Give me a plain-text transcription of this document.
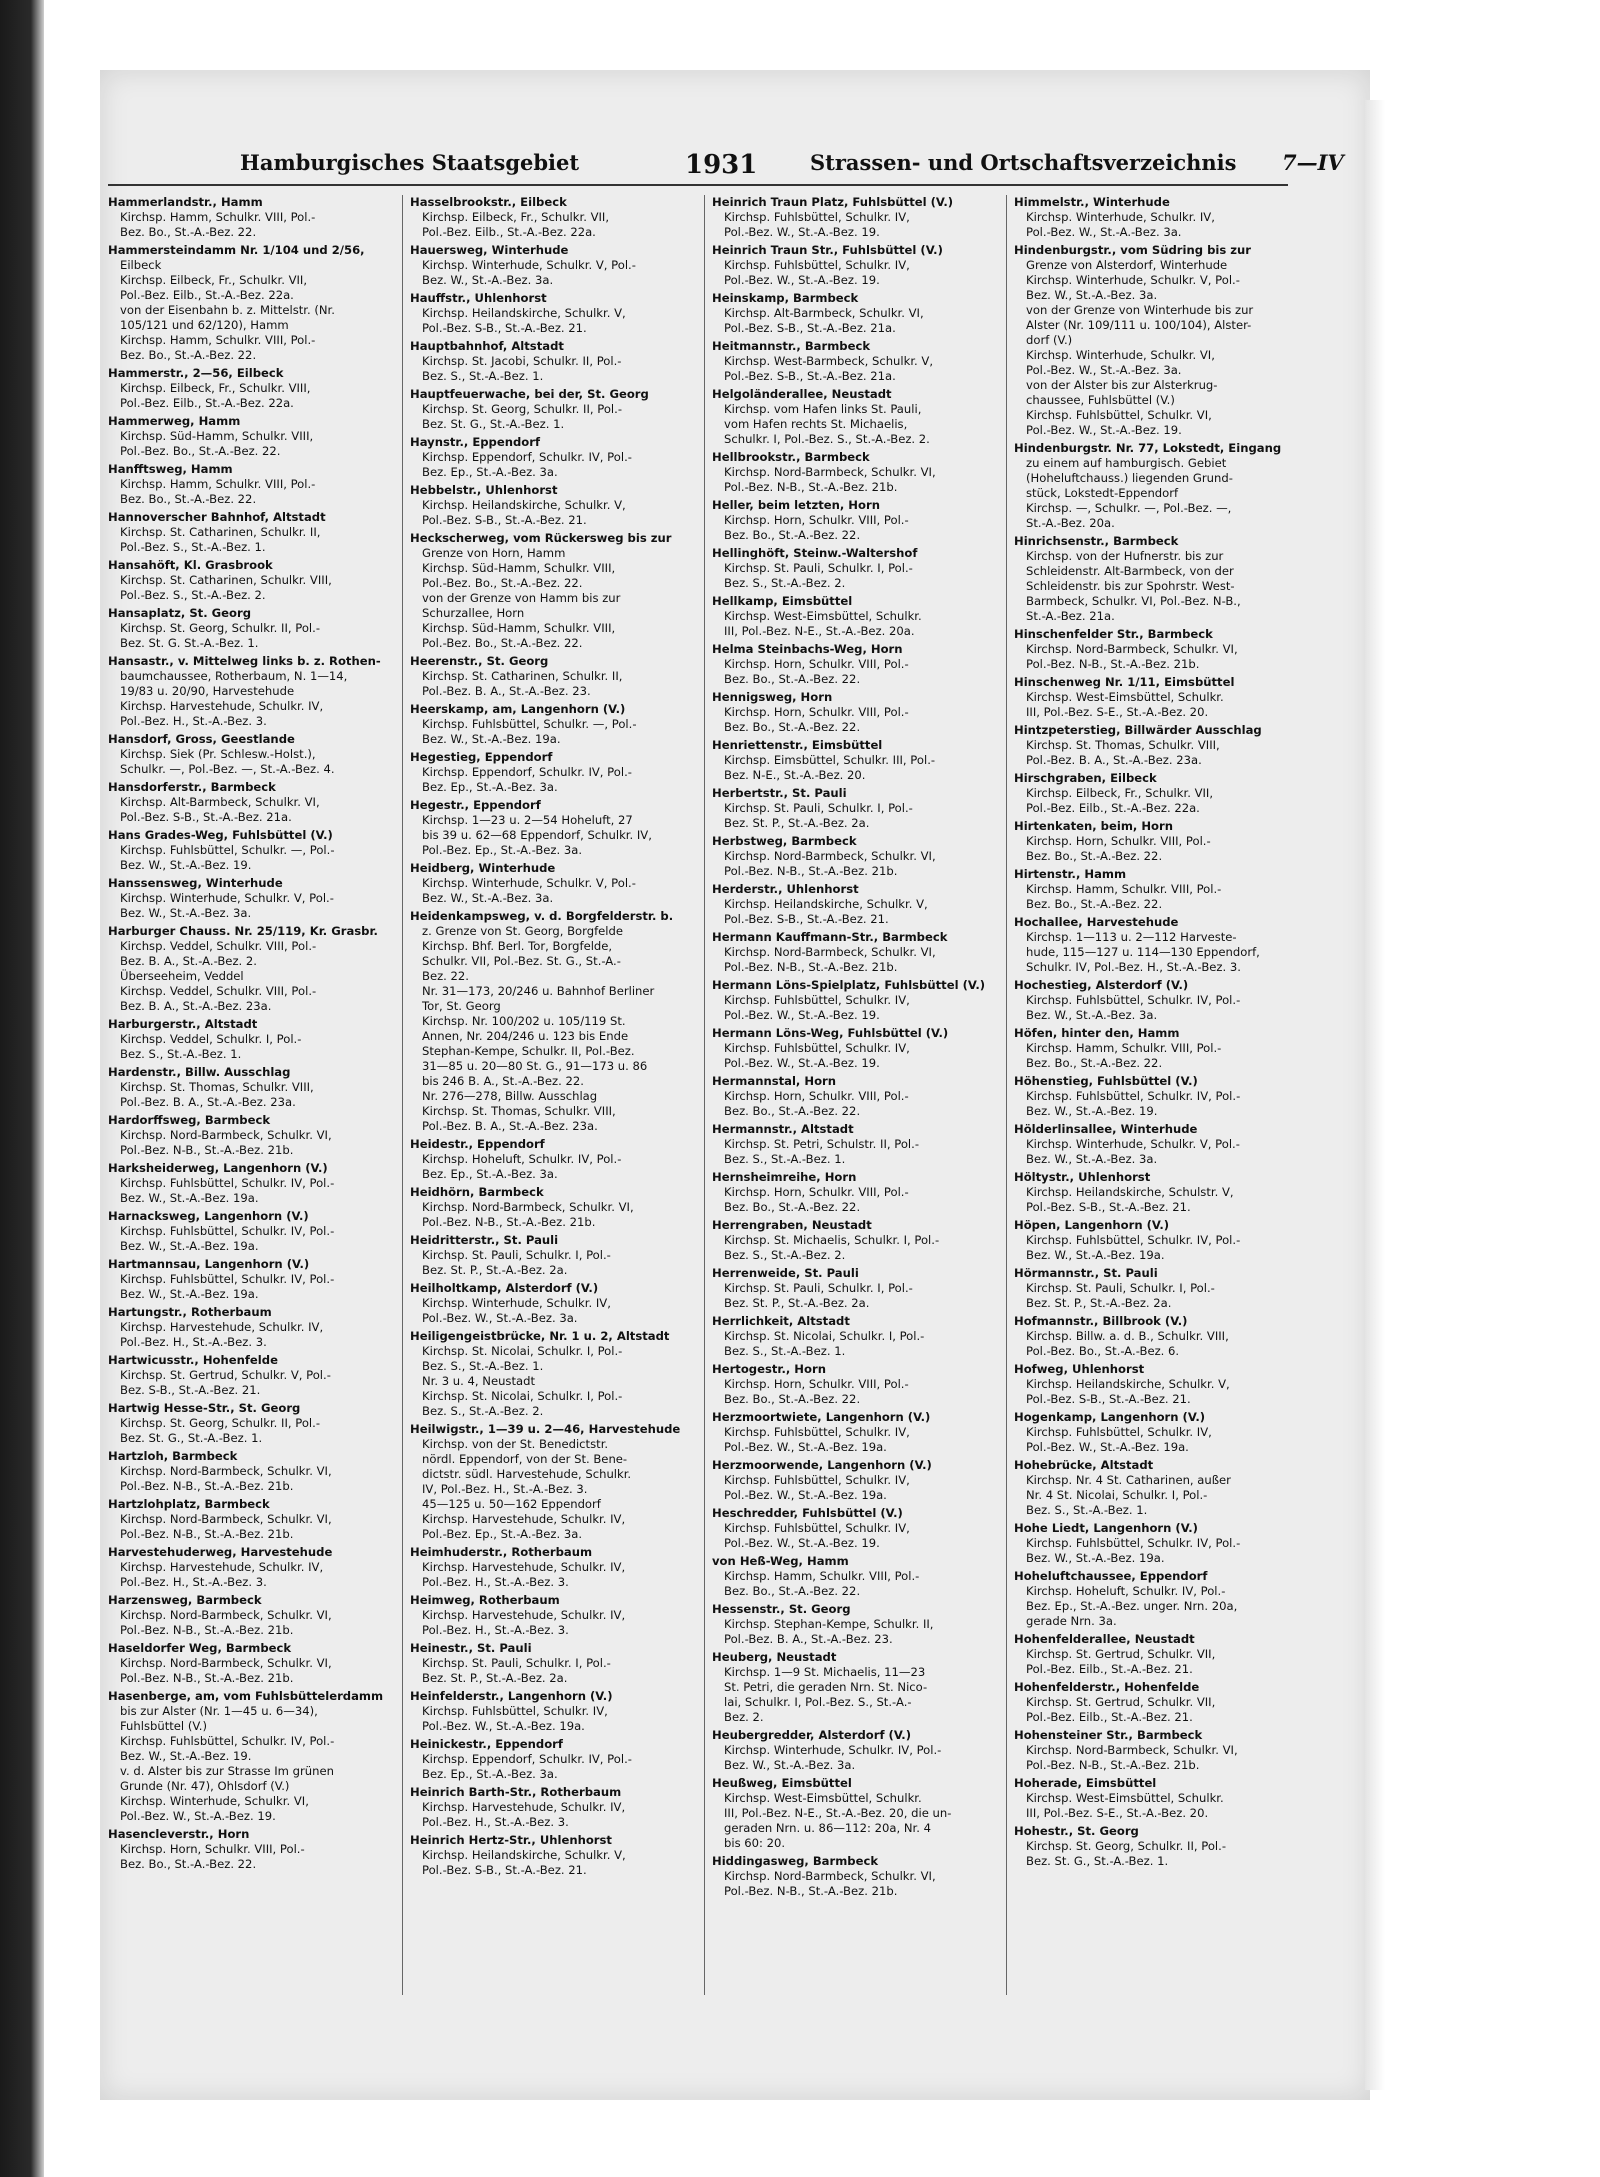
Hamburgisches Staatsgebiet	1931	Strassen- und Ortschaftsverzeichnis 7—IV
Hammerlandstr., Hamm
Kirchsp. Hamm, Schulkr. VIII, Pol.-
Bez. Bo., St.-A.-Bez. 22.
Hammersteindamm Nr. 1/104 und 2/56,
Eilbeck
Kirchsp. Eilbeck, Fr., Schulkr. VII,
Pol.-Bez. Eilb., St.-A.-Bez. 22a.
von der Eisenbahn b. z. Mittelstr. (Nr.
105/121 und 62/120), Hamm
Kirchsp. Hamm, Schulkr. VIII, Pol.-
Bez. Bo., St.-A.-Bez. 22.
Hammerstr., 2—56, Eilbeck
Kirchsp. Eilbeck, Fr., Schulkr. VIII,
Pol.-Bez. Eilb., St.-A.-Bez. 22a.
Hammerweg, Hamm
Kirchsp. Süd-Hamm, Schulkr. VIII,
Pol.-Bez. Bo., St.-A.-Bez. 22.
Hanfftsweg, Hamm
Kirchsp. Hamm, Schulkr. VIII, Pol.-
Bez. Bo., St.-A.-Bez. 22.
Hannoverscher Bahnhof, Altstadt
Kirchsp. St. Catharinen, Schulkr. II,
Pol.-Bez. S., St.-A.-Bez. 1.
Hansahöft, Kl. Grasbrook
Kirchsp. St. Catharinen, Schulkr. VIII,
Pol.-Bez. S., St.-A.-Bez. 2.
Hansaplatz, St. Georg
Kirchsp. St. Georg, Schulkr. II, Pol.-
Bez. St. G. St.-A.-Bez. 1.
Hansastr., v. Mittelweg links b. z. Rothen-
baumchaussee, Rotherbaum, N. 1—14,
19/83 u. 20/90, Harvestehude
Kirchsp. Harvestehude, Schulkr. IV,
Pol.-Bez. H., St.-A.-Bez. 3.
Hansdorf, Gross, Geestlande
Kirchsp. Siek (Pr. Schlesw.-Holst.),
Schulkr. —, Pol.-Bez. —, St.-A.-Bez. 4.
Hansdorferstr., Barmbeck
Kirchsp. Alt-Barmbeck, Schulkr. VI,
Pol.-Bez. S-B., St.-A.-Bez. 21a.
Hans Grades-Weg, Fuhlsbüttel (V.)
Kirchsp. Fuhlsbüttel, Schulkr. —, Pol.-
Bez. W., St.-A.-Bez. 19.
Hanssensweg, Winterhude
Kirchsp. Winterhude, Schulkr. V, Pol.-
Bez. W., St.-A.-Bez. 3a.
Harburger Chauss. Nr. 25/119, Kr. Grasbr.
Kirchsp. Veddel, Schulkr. VIII, Pol.-
Bez. B. A., St.-A.-Bez. 2.
Überseeheim, Veddel
Kirchsp. Veddel, Schulkr. VIII, Pol.-
Bez. B. A., St.-A.-Bez. 23a.
Harburgerstr., Altstadt
Kirchsp. Veddel, Schulkr. I, Pol.-
Bez. S., St.-A.-Bez. 1.
Hardenstr., Billw. Ausschlag
Kirchsp. St. Thomas, Schulkr. VIII,
Pol.-Bez. B. A., St.-A.-Bez. 23a.
Hardorffsweg, Barmbeck
Kirchsp. Nord-Barmbeck, Schulkr. VI,
Pol.-Bez. N-B., St.-A.-Bez. 21b.
Harksheiderweg, Langenhorn (V.)
Kirchsp. Fuhlsbüttel, Schulkr. IV, Pol.-
Bez. W., St.-A.-Bez. 19a.
Harnacksweg, Langenhorn (V.)
Kirchsp. Fuhlsbüttel, Schulkr. IV, Pol.-
Bez. W., St.-A.-Bez. 19a.
Hartmannsau, Langenhorn (V.)
Kirchsp. Fuhlsbüttel, Schulkr. IV, Pol.-
Bez. W., St.-A.-Bez. 19a.
Hartungstr., Rotherbaum
Kirchsp. Harvestehude, Schulkr. IV,
Pol.-Bez. H., St.-A.-Bez. 3.
Hartwicusstr., Hohenfelde
Kirchsp. St. Gertrud, Schulkr. V, Pol.-
Bez. S-B., St.-A.-Bez. 21.
Hartwig Hesse-Str., St. Georg
Kirchsp. St. Georg, Schulkr. II, Pol.-
Bez. St. G., St.-A.-Bez. 1.
Hartzloh, Barmbeck
Kirchsp. Nord-Barmbeck, Schulkr. VI,
Pol.-Bez. N-B., St.-A.-Bez. 21b.
Hartzlohplatz, Barmbeck
Kirchsp. Nord-Barmbeck, Schulkr. VI,
Pol.-Bez. N-B., St.-A.-Bez. 21b.
Harvestehuderweg, Harvestehude
Kirchsp. Harvestehude, Schulkr. IV,
Pol.-Bez. H., St.-A.-Bez. 3.
Harzensweg, Barmbeck
Kirchsp. Nord-Barmbeck, Schulkr. VI,
Pol.-Bez. N-B., St.-A.-Bez. 21b.
Haseldorfer Weg, Barmbeck
Kirchsp. Nord-Barmbeck, Schulkr. VI,
Pol.-Bez. N-B., St.-A.-Bez. 21b.
Hasenberge, am, vom Fuhlsbüttelerdamm
bis zur Alster (Nr. 1—45 u. 6—34),
Fuhlsbüttel (V.)
Kirchsp. Fuhlsbüttel, Schulkr. IV, Pol.-
Bez. W., St.-A.-Bez. 19.
v. d. Alster bis zur Strasse Im grünen
Grunde (Nr. 47), Ohlsdorf (V.)
Kirchsp. Winterhude, Schulkr. VI,
Pol.-Bez. W., St.-A.-Bez. 19.
Hasencleverstr., Horn
Kirchsp. Horn, Schulkr. VIII, Pol.-
Bez. Bo., St.-A.-Bez. 22.
Hasselbrookstr., Eilbeck
Kirchsp. Eilbeck, Fr., Schulkr. VII,
Pol.-Bez. Eilb., St.-A.-Bez. 22a.
Hauersweg, Winterhude
Kirchsp. Winterhude, Schulkr. V, Pol.-
Bez. W., St.-A.-Bez. 3a.
Hauffstr., Uhlenhorst
Kirchsp. Heilandskirche, Schulkr. V,
Pol.-Bez. S-B., St.-A.-Bez. 21.
Hauptbahnhof, Altstadt
Kirchsp. St. Jacobi, Schulkr. II, Pol.-
Bez. S., St.-A.-Bez. 1.
Hauptfeuerwache, bei der, St. Georg
Kirchsp. St. Georg, Schulkr. II, Pol.-
Bez. St. G., St.-A.-Bez. 1.
Haynstr., Eppendorf
Kirchsp. Eppendorf, Schulkr. IV, Pol.-
Bez. Ep., St.-A.-Bez. 3a.
Hebbelstr., Uhlenhorst
Kirchsp. Heilandskirche, Schulkr. V,
Pol.-Bez. S-B., St.-A.-Bez. 21.
Heckscherweg, vom Rückersweg bis zur
Grenze von Horn, Hamm
Kirchsp. Süd-Hamm, Schulkr. VIII,
Pol.-Bez. Bo., St.-A.-Bez. 22.
von der Grenze von Hamm bis zur
Schurzallee, Horn
Kirchsp. Süd-Hamm, Schulkr. VIII,
Pol.-Bez. Bo., St.-A.-Bez. 22.
Heerenstr., St. Georg
Kirchsp. St. Catharinen, Schulkr. II,
Pol.-Bez. B. A., St.-A.-Bez. 23.
Heerskamp, am, Langenhorn (V.)
Kirchsp. Fuhlsbüttel, Schulkr. —, Pol.-
Bez. W., St.-A.-Bez. 19a.
Hegestieg, Eppendorf
Kirchsp. Eppendorf, Schulkr. IV, Pol.-
Bez. Ep., St.-A.-Bez. 3a.
Hegestr., Eppendorf
Kirchsp. 1—23 u. 2—54 Hoheluft, 27
bis 39 u. 62—68 Eppendorf, Schulkr. IV,
Pol.-Bez. Ep., St.-A.-Bez. 3a.
Heidberg, Winterhude
Kirchsp. Winterhude, Schulkr. V, Pol.-
Bez. W., St.-A.-Bez. 3a.
Heidenkampsweg, v. d. Borgfelderstr. b.
z. Grenze von St. Georg, Borgfelde
Kirchsp. Bhf. Berl. Tor, Borgfelde,
Schulkr. VII, Pol.-Bez. St. G., St.-A.-
Bez. 22.
Nr. 31—173, 20/246 u. Bahnhof Berliner
Tor, St. Georg
Kirchsp. Nr. 100/202 u. 105/119 St.
Annen, Nr. 204/246 u. 123 bis Ende
Stephan-Kempe, Schulkr. II, Pol.-Bez.
31—85 u. 20—80 St. G., 91—173 u. 86
bis 246 B. A., St.-A.-Bez. 22.
Nr. 276—278, Billw. Ausschlag
Kirchsp. St. Thomas, Schulkr. VIII,
Pol.-Bez. B. A., St.-A.-Bez. 23a.
Heidestr., Eppendorf
Kirchsp. Hoheluft, Schulkr. IV, Pol.-
Bez. Ep., St.-A.-Bez. 3a.
Heidhörn, Barmbeck
Kirchsp. Nord-Barmbeck, Schulkr. VI,
Pol.-Bez. N-B., St.-A.-Bez. 21b.
Heidritterstr., St. Pauli
Kirchsp. St. Pauli, Schulkr. I, Pol.-
Bez. St. P., St.-A.-Bez. 2a.
Heilholtkamp, Alsterdorf (V.)
Kirchsp. Winterhude, Schulkr. IV,
Pol.-Bez. W., St.-A.-Bez. 3a.
Heiligengeistbrücke, Nr. 1 u. 2, Altstadt
Kirchsp. St. Nicolai, Schulkr. I, Pol.-
Bez. S., St.-A.-Bez. 1.
Nr. 3 u. 4, Neustadt
Kirchsp. St. Nicolai, Schulkr. I, Pol.-
Bez. S., St.-A.-Bez. 2.
Heilwigstr., 1—39 u. 2—46, Harvestehude
Kirchsp. von der St. Benedictstr.
nördl. Eppendorf, von der St. Bene-
dictstr. südl. Harvestehude, Schulkr.
IV, Pol.-Bez. H., St.-A.-Bez. 3.
45—125 u. 50—162 Eppendorf
Kirchsp. Harvestehude, Schulkr. IV,
Pol.-Bez. Ep., St.-A.-Bez. 3a.
Heimhuderstr., Rotherbaum
Kirchsp. Harvestehude, Schulkr. IV,
Pol.-Bez. H., St.-A.-Bez. 3.
Heimweg, Rotherbaum
Kirchsp. Harvestehude, Schulkr. IV,
Pol.-Bez. H., St.-A.-Bez. 3.
Heinestr., St. Pauli
Kirchsp. St. Pauli, Schulkr. I, Pol.-
Bez. St. P., St.-A.-Bez. 2a.
Heinfelderstr., Langenhorn (V.)
Kirchsp. Fuhlsbüttel, Schulkr. IV,
Pol.-Bez. W., St.-A.-Bez. 19a.
Heinickestr., Eppendorf
Kirchsp. Eppendorf, Schulkr. IV, Pol.-
Bez. Ep., St.-A.-Bez. 3a.
Heinrich Barth-Str., Rotherbaum
Kirchsp. Harvestehude, Schulkr. IV,
Pol.-Bez. H., St.-A.-Bez. 3.
Heinrich Hertz-Str., Uhlenhorst
Kirchsp. Heilandskirche, Schulkr. V,
Pol.-Bez. S-B., St.-A.-Bez. 21.
Heinrich Traun Platz, Fuhlsbüttel (V.)
Kirchsp. Fuhlsbüttel, Schulkr. IV,
Pol.-Bez. W., St.-A.-Bez. 19.
Heinrich Traun Str., Fuhlsbüttel (V.)
Kirchsp. Fuhlsbüttel, Schulkr. IV,
Pol.-Bez. W., St.-A.-Bez. 19.
Heinskamp, Barmbeck
Kirchsp. Alt-Barmbeck, Schulkr. VI,
Pol.-Bez. S-B., St.-A.-Bez. 21a.
Heitmannstr., Barmbeck
Kirchsp. West-Barmbeck, Schulkr. V,
Pol.-Bez. S-B., St.-A.-Bez. 21a.
Helgoländerallee, Neustadt
Kirchsp. vom Hafen links St. Pauli,
vom Hafen rechts St. Michaelis,
Schulkr. I, Pol.-Bez. S., St.-A.-Bez. 2.
Hellbrookstr., Barmbeck
Kirchsp. Nord-Barmbeck, Schulkr. VI,
Pol.-Bez. N-B., St.-A.-Bez. 21b.
Heller, beim letzten, Horn
Kirchsp. Horn, Schulkr. VIII, Pol.-
Bez. Bo., St.-A.-Bez. 22.
Hellinghöft, Steinw.-Waltershof
Kirchsp. St. Pauli, Schulkr. I, Pol.-
Bez. S., St.-A.-Bez. 2.
Hellkamp, Eimsbüttel
Kirchsp. West-Eimsbüttel, Schulkr.
III, Pol.-Bez. N-E., St.-A.-Bez. 20a.
Helma Steinbachs-Weg, Horn
Kirchsp. Horn, Schulkr. VIII, Pol.-
Bez. Bo., St.-A.-Bez. 22.
Hennigsweg, Horn
Kirchsp. Horn, Schulkr. VIII, Pol.-
Bez. Bo., St.-A.-Bez. 22.
Henriettenstr., Eimsbüttel
Kirchsp. Eimsbüttel, Schulkr. III, Pol.-
Bez. N-E., St.-A.-Bez. 20.
Herbertstr., St. Pauli
Kirchsp. St. Pauli, Schulkr. I, Pol.-
Bez. St. P., St.-A.-Bez. 2a.
Herbstweg, Barmbeck
Kirchsp. Nord-Barmbeck, Schulkr. VI,
Pol.-Bez. N-B., St.-A.-Bez. 21b.
Herderstr., Uhlenhorst
Kirchsp. Heilandskirche, Schulkr. V,
Pol.-Bez. S-B., St.-A.-Bez. 21.
Hermann Kauffmann-Str., Barmbeck
Kirchsp. Nord-Barmbeck, Schulkr. VI,
Pol.-Bez. N-B., St.-A.-Bez. 21b.
Hermann Löns-Spielplatz, Fuhlsbüttel (V.)
Kirchsp. Fuhlsbüttel, Schulkr. IV,
Pol.-Bez. W., St.-A.-Bez. 19.
Hermann Löns-Weg, Fuhlsbüttel (V.)
Kirchsp. Fuhlsbüttel, Schulkr. IV,
Pol.-Bez. W., St.-A.-Bez. 19.
Hermannstal, Horn
Kirchsp. Horn, Schulkr. VIII, Pol.-
Bez. Bo., St.-A.-Bez. 22.
Hermannstr., Altstadt
Kirchsp. St. Petri, Schulstr. II, Pol.-
Bez. S., St.-A.-Bez. 1.
Hernsheimreihe, Horn
Kirchsp. Horn, Schulkr. VIII, Pol.-
Bez. Bo., St.-A.-Bez. 22.
Herrengraben, Neustadt
Kirchsp. St. Michaelis, Schulkr. I, Pol.-
Bez. S., St.-A.-Bez. 2.
Herrenweide, St. Pauli
Kirchsp. St. Pauli, Schulkr. I, Pol.-
Bez. St. P., St.-A.-Bez. 2a.
Herrlichkeit, Altstadt
Kirchsp. St. Nicolai, Schulkr. I, Pol.-
Bez. S., St.-A.-Bez. 1.
Hertogestr., Horn
Kirchsp. Horn, Schulkr. VIII, Pol.-
Bez. Bo., St.-A.-Bez. 22.
Herzmoortwiete, Langenhorn (V.)
Kirchsp. Fuhlsbüttel, Schulkr. IV,
Pol.-Bez. W., St.-A.-Bez. 19a.
Herzmoorwende, Langenhorn (V.)
Kirchsp. Fuhlsbüttel, Schulkr. IV,
Pol.-Bez. W., St.-A.-Bez. 19a.
Heschredder, Fuhlsbüttel (V.)
Kirchsp. Fuhlsbüttel, Schulkr. IV,
Pol.-Bez. W., St.-A.-Bez. 19.
von Heß-Weg, Hamm
Kirchsp. Hamm, Schulkr. VIII, Pol.-
Bez. Bo., St.-A.-Bez. 22.
Hessenstr., St. Georg
Kirchsp. Stephan-Kempe, Schulkr. II,
Pol.-Bez. B. A., St.-A.-Bez. 23.
Heuberg, Neustadt
Kirchsp. 1—9 St. Michaelis, 11—23
St. Petri, die geraden Nrn. St. Nico-
lai, Schulkr. I, Pol.-Bez. S., St.-A.-
Bez. 2.
Heubergredder, Alsterdorf (V.)
Kirchsp. Winterhude, Schulkr. IV, Pol.-
Bez. W., St.-A.-Bez. 3a.
Heußweg, Eimsbüttel
Kirchsp. West-Eimsbüttel, Schulkr.
III, Pol.-Bez. N-E., St.-A.-Bez. 20, die un-
geraden Nrn. u. 86—112: 20a, Nr. 4
bis 60: 20.
Hiddingasweg, Barmbeck
Kirchsp. Nord-Barmbeck, Schulkr. VI,
Pol.-Bez. N-B., St.-A.-Bez. 21b.
Himmelstr., Winterhude
Kirchsp. Winterhude, Schulkr. IV,
Pol.-Bez. W., St.-A.-Bez. 3a.
Hindenburgstr., vom Südring bis zur
Grenze von Alsterdorf, Winterhude
Kirchsp. Winterhude, Schulkr. V, Pol.-
Bez. W., St.-A.-Bez. 3a.
von der Grenze von Winterhude bis zur
Alster (Nr. 109/111 u. 100/104), Alster-
dorf (V.)
Kirchsp. Winterhude, Schulkr. VI,
Pol.-Bez. W., St.-A.-Bez. 3a.
von der Alster bis zur Alsterkrug-
chaussee, Fuhlsbüttel (V.)
Kirchsp. Fuhlsbüttel, Schulkr. VI,
Pol.-Bez. W., St.-A.-Bez. 19.
Hindenburgstr. Nr. 77, Lokstedt, Eingang
zu einem auf hamburgisch. Gebiet
(Hoheluftchauss.) liegenden Grund-
stück, Lokstedt-Eppendorf
Kirchsp. —, Schulkr. —, Pol.-Bez. —,
St.-A.-Bez. 20a.
Hinrichsenstr., Barmbeck
Kirchsp. von der Hufnerstr. bis zur
Schleidenstr. Alt-Barmbeck, von der
Schleidenstr. bis zur Spohrstr. West-
Barmbeck, Schulkr. VI, Pol.-Bez. N-B.,
St.-A.-Bez. 21a.
Hinschenfelder Str., Barmbeck
Kirchsp. Nord-Barmbeck, Schulkr. VI,
Pol.-Bez. N-B., St.-A.-Bez. 21b.
Hinschenweg Nr. 1/11, Eimsbüttel
Kirchsp. West-Eimsbüttel, Schulkr.
III, Pol.-Bez. S-E., St.-A.-Bez. 20.
Hintzpeterstieg, Billwärder Ausschlag
Kirchsp. St. Thomas, Schulkr. VIII,
Pol.-Bez. B. A., St.-A.-Bez. 23a.
Hirschgraben, Eilbeck
Kirchsp. Eilbeck, Fr., Schulkr. VII,
Pol.-Bez. Eilb., St.-A.-Bez. 22a.
Hirtenkaten, beim, Horn
Kirchsp. Horn, Schulkr. VIII, Pol.-
Bez. Bo., St.-A.-Bez. 22.
Hirtenstr., Hamm
Kirchsp. Hamm, Schulkr. VIII, Pol.-
Bez. Bo., St.-A.-Bez. 22.
Hochallee, Harvestehude
Kirchsp. 1—113 u. 2—112 Harveste-
hude, 115—127 u. 114—130 Eppendorf,
Schulkr. IV, Pol.-Bez. H., St.-A.-Bez. 3.
Hochestieg, Alsterdorf (V.)
Kirchsp. Fuhlsbüttel, Schulkr. IV, Pol.-
Bez. W., St.-A.-Bez. 3a.
Höfen, hinter den, Hamm
Kirchsp. Hamm, Schulkr. VIII, Pol.-
Bez. Bo., St.-A.-Bez. 22.
Höhenstieg, Fuhlsbüttel (V.)
Kirchsp. Fuhlsbüttel, Schulkr. IV, Pol.-
Bez. W., St.-A.-Bez. 19.
Hölderlinsallee, Winterhude
Kirchsp. Winterhude, Schulkr. V, Pol.-
Bez. W., St.-A.-Bez. 3a.
Höltystr., Uhlenhorst
Kirchsp. Heilandskirche, Schulstr. V,
Pol.-Bez. S-B., St.-A.-Bez. 21.
Höpen, Langenhorn (V.)
Kirchsp. Fuhlsbüttel, Schulkr. IV, Pol.-
Bez. W., St.-A.-Bez. 19a.
Hörmannstr., St. Pauli
Kirchsp. St. Pauli, Schulkr. I, Pol.-
Bez. St. P., St.-A.-Bez. 2a.
Hofmannstr., Billbrook (V.)
Kirchsp. Billw. a. d. B., Schulkr. VIII,
Pol.-Bez. Bo., St.-A.-Bez. 6.
Hofweg, Uhlenhorst
Kirchsp. Heilandskirche, Schulkr. V,
Pol.-Bez. S-B., St.-A.-Bez. 21.
Hogenkamp, Langenhorn (V.)
Kirchsp. Fuhlsbüttel, Schulkr. IV,
Pol.-Bez. W., St.-A.-Bez. 19a.
Hohebrücke, Altstadt
Kirchsp. Nr. 4 St. Catharinen, außer
Nr. 4 St. Nicolai, Schulkr. I, Pol.-
Bez. S., St.-A.-Bez. 1.
Hohe Liedt, Langenhorn (V.)
Kirchsp. Fuhlsbüttel, Schulkr. IV, Pol.-
Bez. W., St.-A.-Bez. 19a.
Hoheluftchaussee, Eppendorf
Kirchsp. Hoheluft, Schulkr. IV, Pol.-
Bez. Ep., St.-A.-Bez. unger. Nrn. 20a,
gerade Nrn. 3a.
Hohenfelderallee, Neustadt
Kirchsp. St. Gertrud, Schulkr. VII,
Pol.-Bez. Eilb., St.-A.-Bez. 21.
Hohenfelderstr., Hohenfelde
Kirchsp. St. Gertrud, Schulkr. VII,
Pol.-Bez. Eilb., St.-A.-Bez. 21.
Hohensteiner Str., Barmbeck
Kirchsp. Nord-Barmbeck, Schulkr. VI,
Pol.-Bez. N-B., St.-A.-Bez. 21b.
Hoherade, Eimsbüttel
Kirchsp. West-Eimsbüttel, Schulkr.
III, Pol.-Bez. S-E., St.-A.-Bez. 20.
Hohestr., St. Georg
Kirchsp. St. Georg, Schulkr. II, Pol.-
Bez. St. G., St.-A.-Bez. 1.
